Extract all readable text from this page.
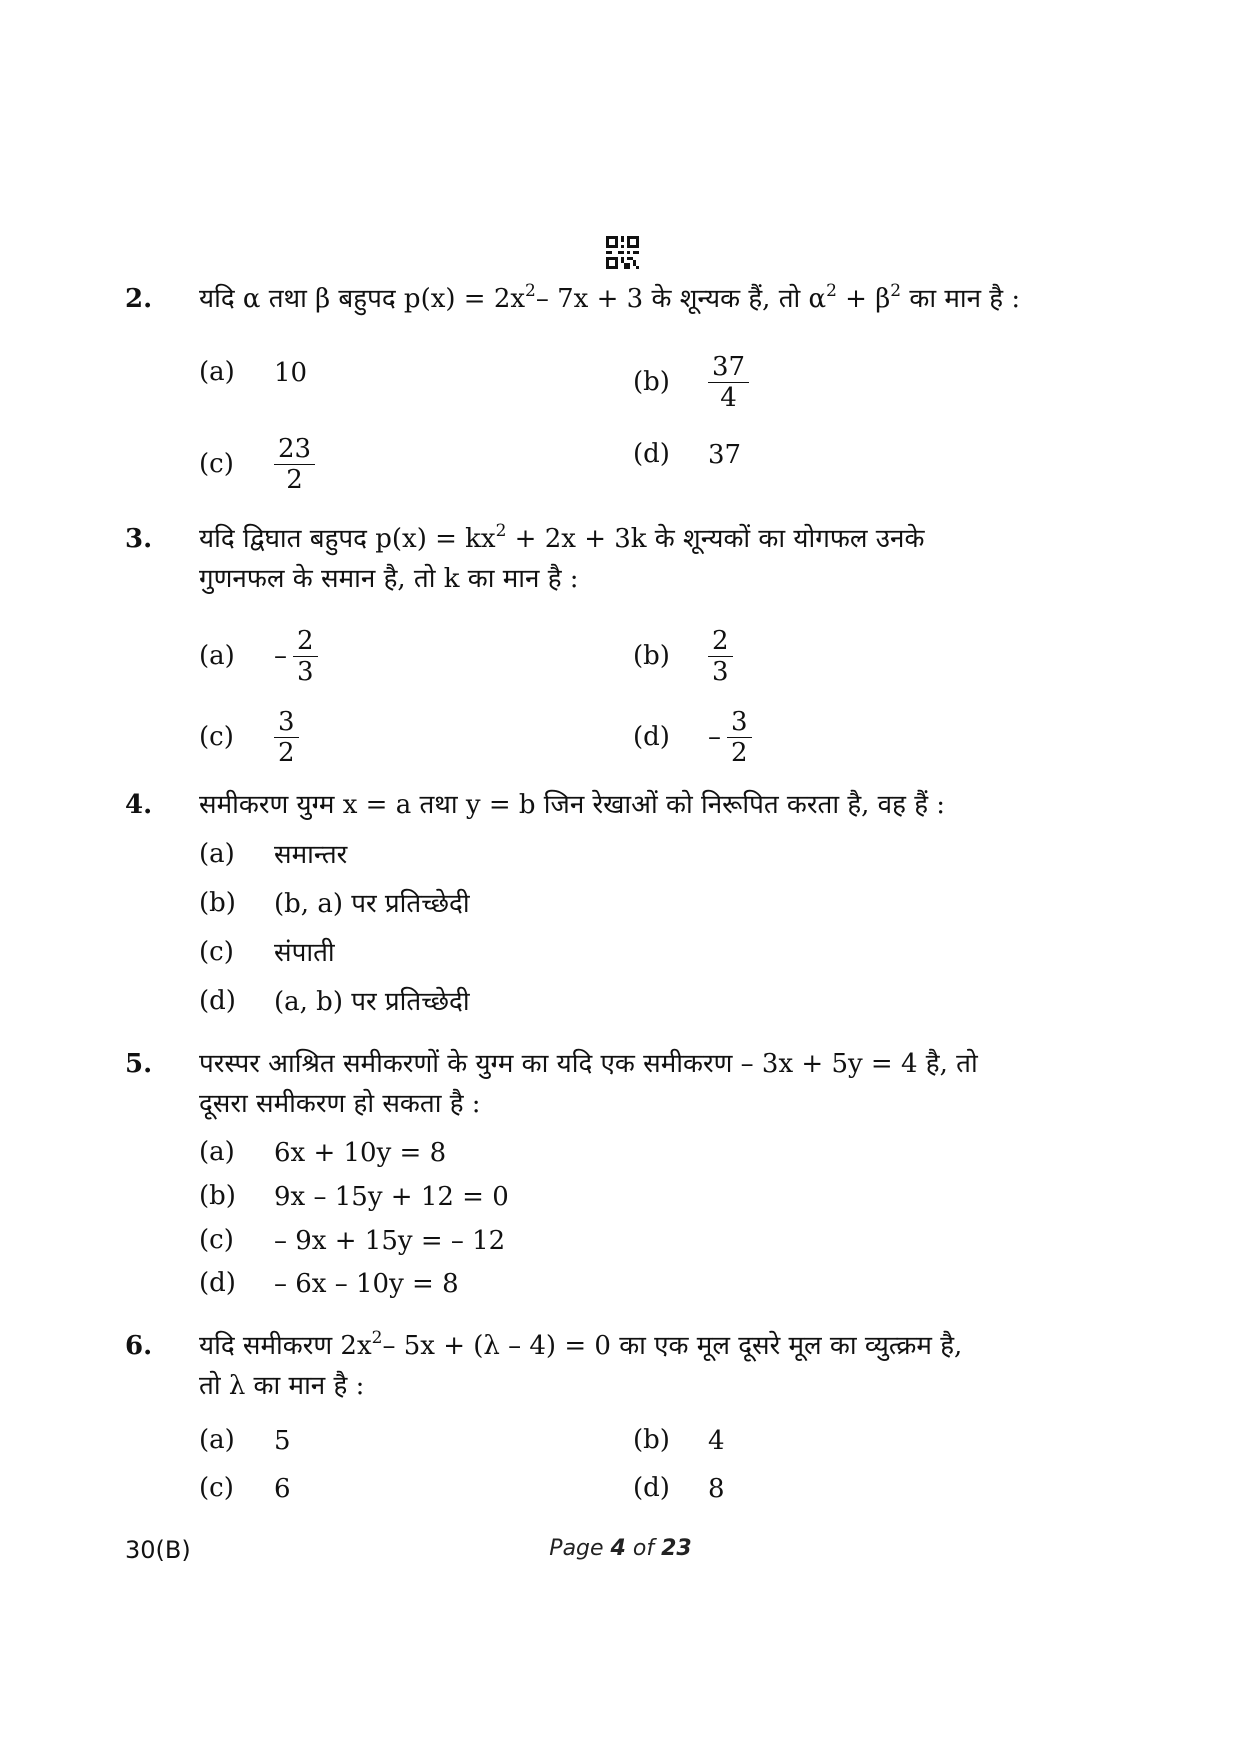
2.	यदि α तथा β बहुपद $p(x) = 2x^2-$ 7x + 3 के शून्यक हैं, तो $\alpha^2 + \beta^2$ का मान है :
(a) 10	$(b) \frac{37}{4}$
$(c) \frac{23}{2}$	(d) 37
3.	यदि द्विघात बहुपद $p(x) = kx^2 + 2x + 3k$ के शून्यकों का योगफल उनके
गुणनफल के समान है, तो k का मान है :
$(a) - \frac{2}{3}$	$(b) \frac{2}{3}$
$(c) \frac{3}{2}$	$(d) - \frac{3}{2}$
4.	समीकरण युग्म x = a तथा y = b जिन रेखाओं को निरूपित करता है, वह हैं :
(a) समान्तर
(b) (b, a) पर प्रतिच्छेदी
(c) संपाती
(d) (a, b) पर प्रतिच्छेदी
5.	परस्पर आश्रित समीकरणों के युग्म का यदि एक समीकरण – 3x + 5y = 4 है, तो
दूसरा समीकरण हो सकता है :
(a) 6x + 10y = 8
(b) 9x – 15y + 12 = 0
(c) – 9x + 15y = – 12
(d) – 6x – 10y = 8
6.	यदि समीकरण $2x^2-$ 5x + (λ – 4) = 0 का एक मूल दूसरे मूल का व्युत्क्रम है,
तो λ का मान है :
(a) 5	(b) 4
(c) 6	(d) 8
30(B)	Page 4 of 23
